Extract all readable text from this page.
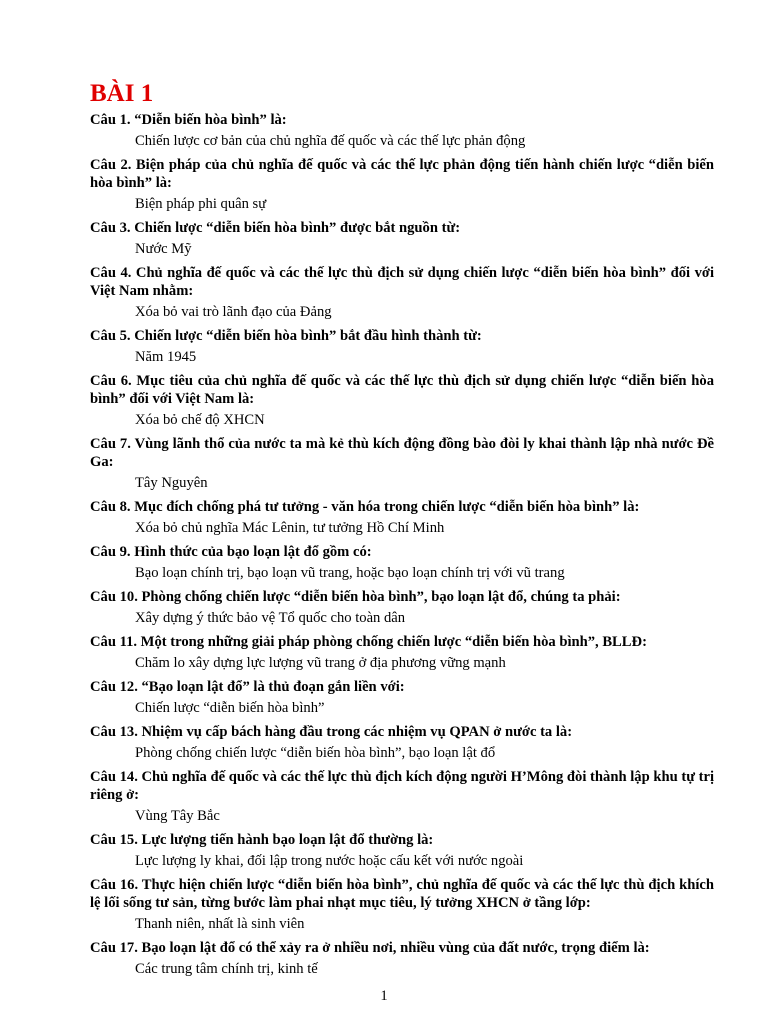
BÀI 1

Câu 1. “Diễn biến hòa bình” là:

Chiến lược cơ bản của chủ nghĩa đế quốc và các thế lực phản động

Câu 2. Biện pháp của chủ nghĩa đế quốc và các thế lực phản động tiến hành chiến lược “diễn biến hòa bình” là:

Biện pháp phi quân sự

Câu 3. Chiến lược “diễn biến hòa bình” được bắt nguồn từ:

Nước Mỹ

Câu 4. Chủ nghĩa đế quốc và các thế lực thù địch sử dụng chiến lược “diễn biến hòa bình” đối với Việt Nam nhằm:

Xóa bỏ vai trò lãnh đạo của Đảng

Câu 5. Chiến lược “diễn biến hòa bình” bắt đầu hình thành từ:

Năm 1945

Câu 6. Mục tiêu của chủ nghĩa đế quốc và các thế lực thù địch sử dụng chiến lược “diễn biến hòa bình” đối với Việt Nam là:

Xóa bỏ chế độ XHCN

Câu 7. Vùng lãnh thổ của nước ta mà kẻ thù kích động đồng bào đòi ly khai thành lập nhà nước Đề Ga:

Tây Nguyên

Câu 8. Mục đích chống phá tư tưởng - văn hóa trong chiến lược “diễn biến hòa bình” là:

Xóa bỏ chủ nghĩa Mác Lênin, tư tưởng Hồ Chí Minh

Câu 9. Hình thức của bạo loạn lật đổ gồm có:

Bạo loạn chính trị, bạo loạn vũ trang, hoặc bạo loạn chính trị với vũ trang

Câu 10. Phòng chống chiến lược “diễn biến hòa bình”, bạo loạn lật đổ, chúng ta phải:

Xây dựng ý thức bảo vệ Tổ quốc cho toàn dân

Câu 11. Một trong những giải pháp phòng chống chiến lược “diễn biến hòa bình”, BLLĐ:

Chăm lo xây dựng lực lượng vũ trang ở địa phương vững mạnh

Câu 12. “Bạo loạn lật đổ” là thủ đoạn gắn liền với:

Chiến lược “diễn biến hòa bình”

Câu 13. Nhiệm vụ cấp bách hàng đầu trong các nhiệm vụ QPAN ở nước ta là:

Phòng chống chiến lược “diễn biến hòa bình”, bạo loạn lật đổ

Câu 14. Chủ nghĩa đế quốc và các thế lực thù địch kích động người H’Mông đòi thành lập khu tự trị riêng ở:

Vùng Tây Bắc

Câu 15. Lực lượng tiến hành bạo loạn lật đổ thường là:

Lực lượng ly khai, đối lập trong nước hoặc cấu kết với nước ngoài

Câu 16. Thực hiện chiến lược “diễn biến hòa bình”, chủ nghĩa đế quốc và các thế lực thù địch khích lệ lối sống tư sản, từng bước làm phai nhạt mục tiêu, lý tưởng XHCN ở tầng lớp:

Thanh niên, nhất là sinh viên

Câu 17. Bạo loạn lật đổ có thể xảy ra ở nhiều nơi, nhiều vùng của đất nước, trọng điểm là:

Các trung tâm chính trị, kinh tế

1
